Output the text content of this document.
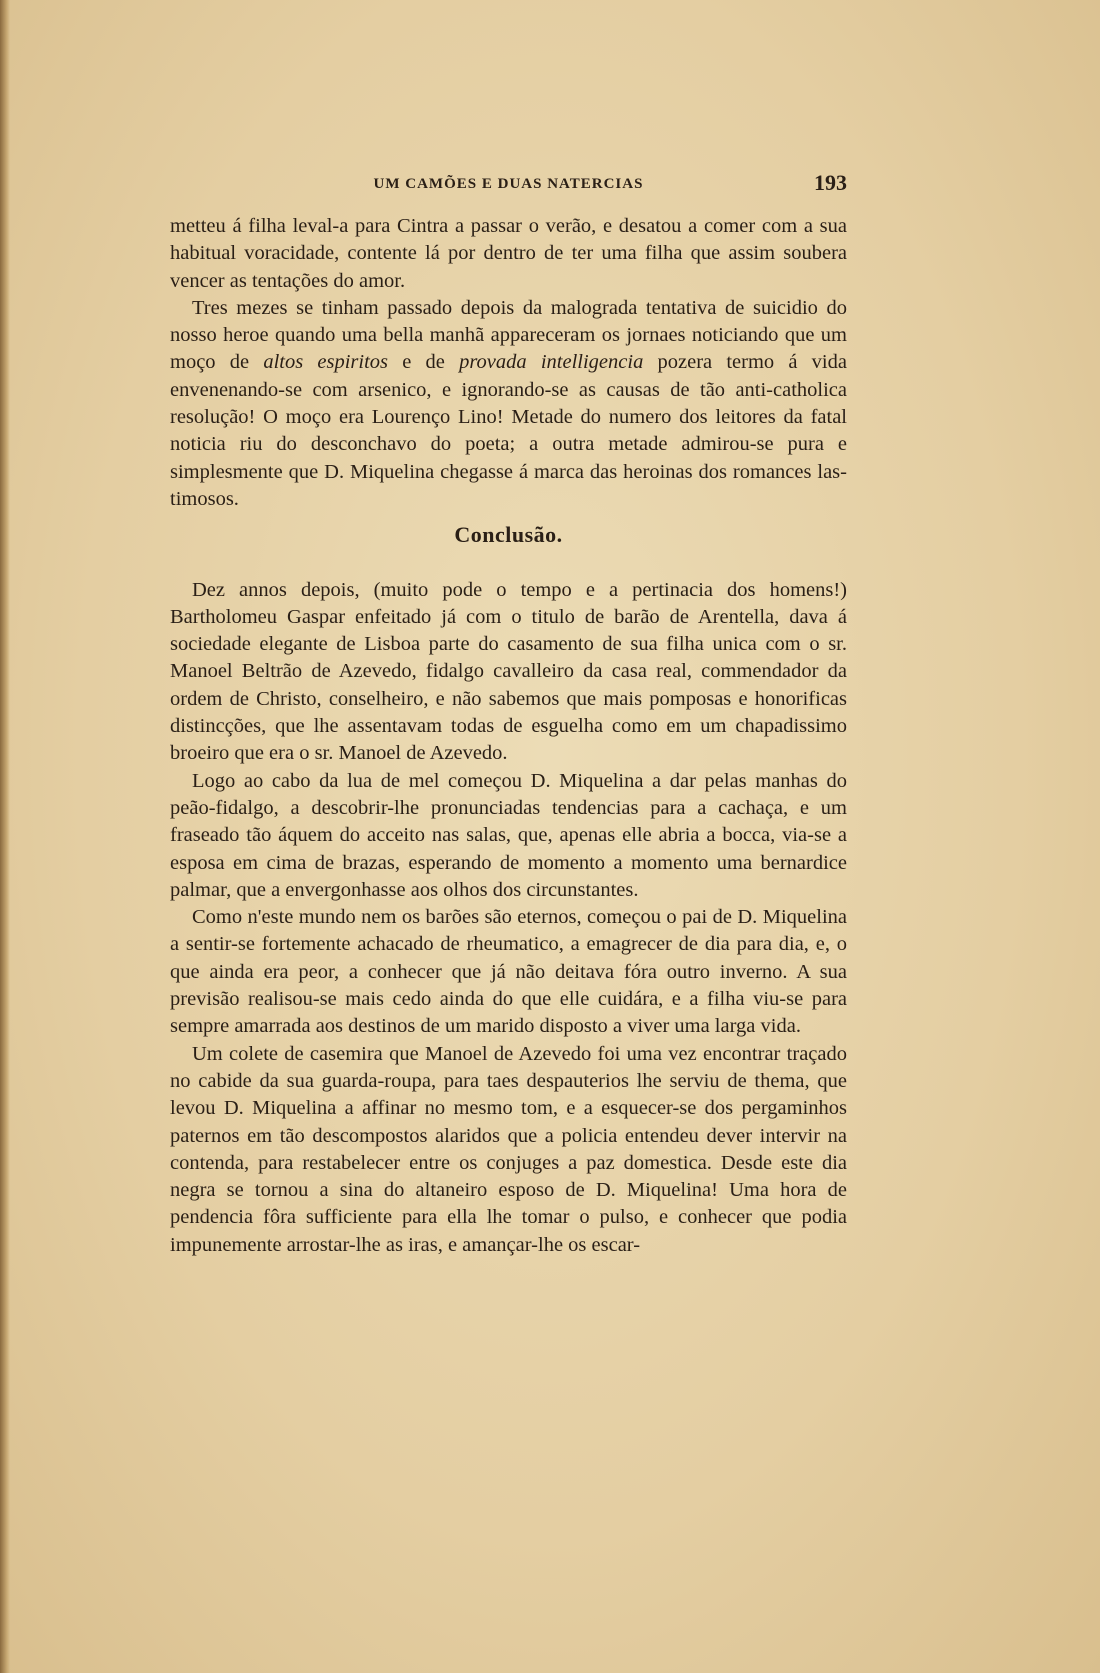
UM CAMÕES E DUAS NATERCIAS	193

metteu á filha leval-a para Cintra a passar o verão, e desatou a comer com a sua habitual voracidade, contente lá por dentro de ter uma filha que assim soubera vencer as tentações do amor.

Tres mezes se tinham passado depois da malograda tentativa de suicidio do nosso heroe quando uma bella manhã appareceram os jornaes noticiando que um moço de altos espiritos e de provada intelligencia pozera termo á vida envenenando-se com arsenico, e ignorando-se as causas de tão anti-catholica resolução! O moço era Lourenço Lino! Metade do numero dos leitores da fatal noticia riu do desconchavo do poeta; a outra metade admirou-se pura e simplesmente que D. Miquelina chegasse á marca das heroinas dos romances lastimosos.

Conclusão.

Dez annos depois, (muito pode o tempo e a pertinacia dos homens!) Bartholomeu Gaspar enfeitado já com o titulo de barão de Arentella, dava á sociedade elegante de Lisboa parte do casamento de sua filha unica com o sr. Manoel Beltrão de Azevedo, fidalgo cavalleiro da casa real, commendador da ordem de Christo, conselheiro, e não sabemos que mais pomposas e honorificas distincções, que lhe assentavam todas de esguelha como em um chapadissimo broeiro que era o sr. Manoel de Azevedo.

Logo ao cabo da lua de mel começou D. Miquelina a dar pelas manhas do peão-fidalgo, a descobrir-lhe pronunciadas tendencias para a cachaça, e um fraseado tão áquem do acceito nas salas, que, apenas elle abria a bocca, via-se a esposa em cima de brazas, esperando de momento a momento uma bernardice palmar, que a envergonhasse aos olhos dos circunstantes.

Como n'este mundo nem os barões são eternos, começou o pai de D. Miquelina a sentir-se fortemente achacado de rheumatico, a emagrecer de dia para dia, e, o que ainda era peor, a conhecer que já não deitava fóra outro inverno. A sua previsão realisou-se mais cedo ainda do que elle cuidára, e a filha viu-se para sempre amarrada aos destinos de um marido disposto a viver uma larga vida.

Um colete de casemira que Manoel de Azevedo foi uma vez encontrar traçado no cabide da sua guarda-roupa, para taes despauterios lhe serviu de thema, que levou D. Miquelina a affinar no mesmo tom, e a esquecer-se dos pergaminhos paternos em tão descompostos alaridos que a policia entendeu dever intervir na contenda, para restabelecer entre os conjuges a paz domestica. Desde este dia negra se tornou a sina do altaneiro esposo de D. Miquelina! Uma hora de pendencia fôra sufficiente para ella lhe tomar o pulso, e conhecer que podia impunemente arrostar-lhe as iras, e amançar-lhe os escar-
